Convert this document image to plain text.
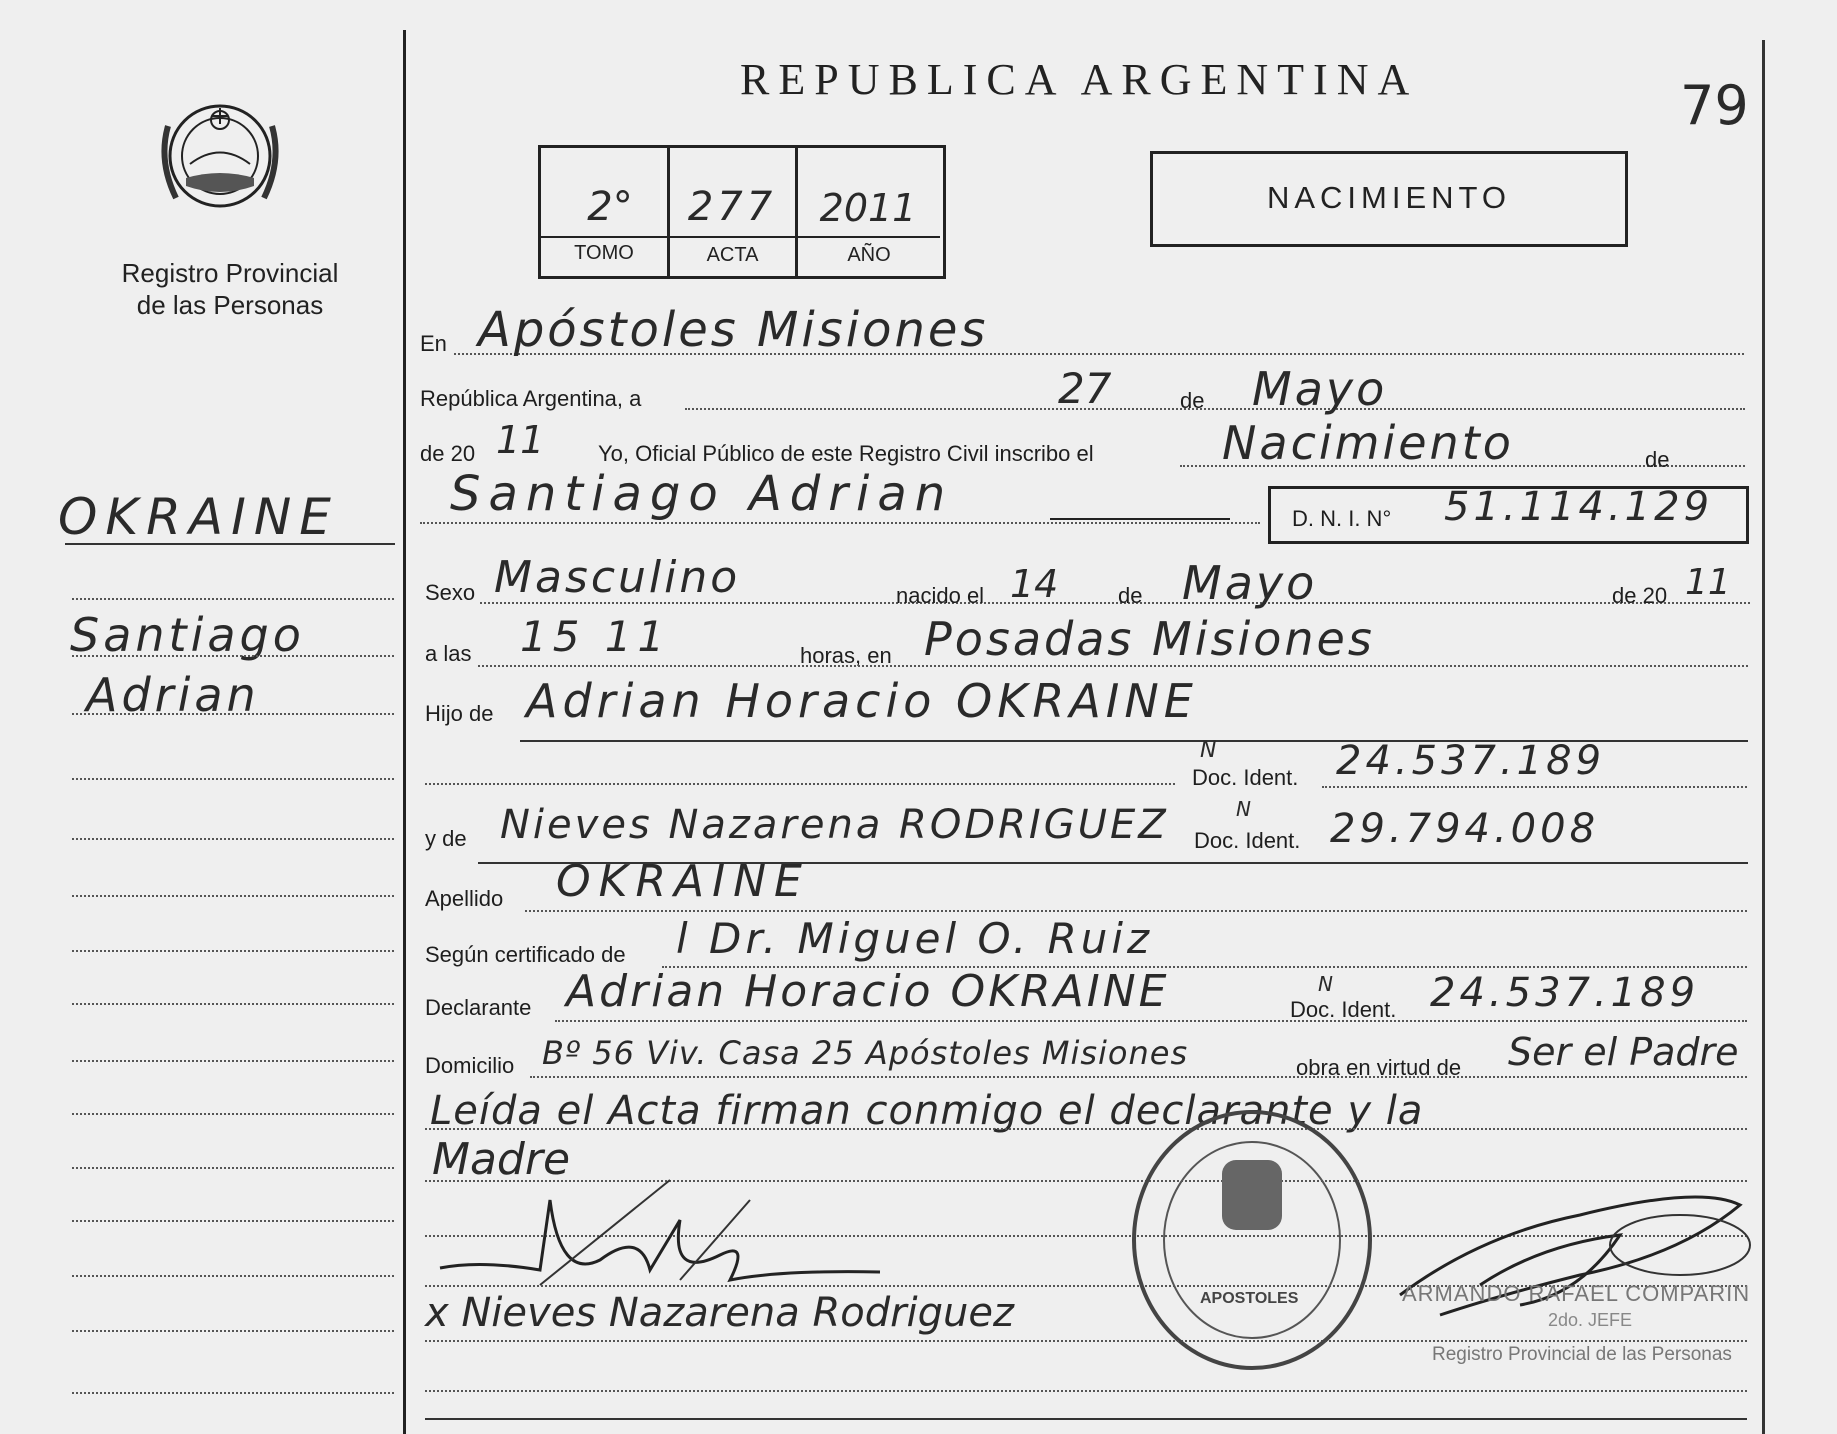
Registro Provincial
de las Personas
OKRAINE
Santiago
Adrian
REPUBLICA ARGENTINA	79
2°	277	2011
TOMO	ACTA	AÑO
NACIMIENTO
En Apóstoles Misiones
República Argentina, a	27	de Mayo
de 20 11 Yo, Oficial Público de este Registro Civil inscribo el	Nacimiento	de
Santiago Adrian	D. N. I. N° 51.114.129
Sexo Masculino	nacido el 14	de Mayo	de 20 11
a las 15 11	horas, en Posadas Misiones
Hijo de Adrian Horacio OKRAINE
N
Doc. Ident. 24.537.189
y de Nieves Nazarena RODRIGUEZ	N
Doc. Ident. 29.794.008
Apellido OKRAINE
Según certificado de l Dr. Miguel O. Ruiz
Declarante Adrian Horacio OKRAINE	N
Doc. Ident. 24.537.189
Domicilio Bº 56 Viv. Casa 25 Apóstoles Misiones	obra en virtud de Ser el Padre
Leída el Acta firman conmigo el declarante y la
Madre
x Nieves Nazarena Rodriguez	APOSTOLES	ARMANDO RAFAEL COMPARIN
2do. JEFE
Registro Provincial de las Personas
